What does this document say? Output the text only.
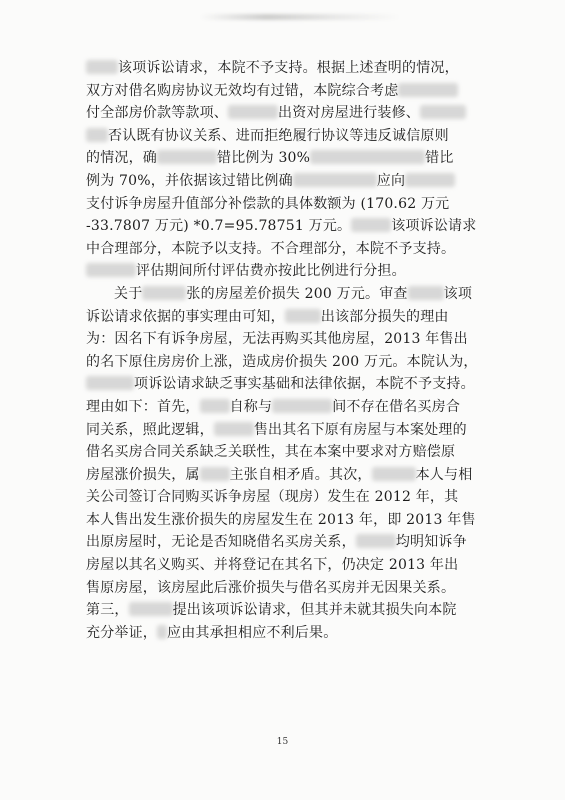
该项诉讼请求，本院不予支持。根据上述查明的情况，
双方对借名购房协议无效均有过错，本院综合考虑
付全部房价款等款项、	出资对房屋进行装修、
否认既有协议关系、进而拒绝履行协议等违反诚信原则
的情况，确	错比例为 30%	错比
例为 70%，并依据该过错比例确	应向
支付诉争房屋升值部分补偿款的具体数额为 (170.62 万元
-33.7807 万元) *0.7=95.78751 万元。	该项诉讼请求
中合理部分，本院予以支持。不合理部分，本院不予支持。
评估期间所付评估费亦按此比例进行分担。
关于	张的房屋差价损失 200 万元。审查	该项
诉讼请求依据的事实理由可知，	出该部分损失的理由
为：因名下有诉争房屋，无法再购买其他房屋，2013 年售出
的名下原住房房价上涨，造成房价损失 200 万元。本院认为，
项诉讼请求缺乏事实基础和法律依据，本院不予支持。
理由如下：首先， 自称与	间不存在借名买房合
同关系，照此逻辑，	售出其名下原有房屋与本案处理的
借名买房合同关系缺乏关联性，其在本案中要求对方赔偿原
房屋涨价损失，属 主张自相矛盾。其次，	本人与相
关公司签订合同购买诉争房屋（现房）发生在 2012 年，其
本人售出发生涨价损失的房屋发生在 2013 年，即 2013 年售
出原房屋时，无论是否知晓借名买房关系，	均明知诉争
房屋以其名义购买、并将登记在其名下，仍决定 2013 年出
售原房屋，该房屋此后涨价损失与借名买房并无因果关系。
第三，	提出该项诉讼请求，但其并未就其损失向本院
充分举证， 应由其承担相应不利后果。
15
